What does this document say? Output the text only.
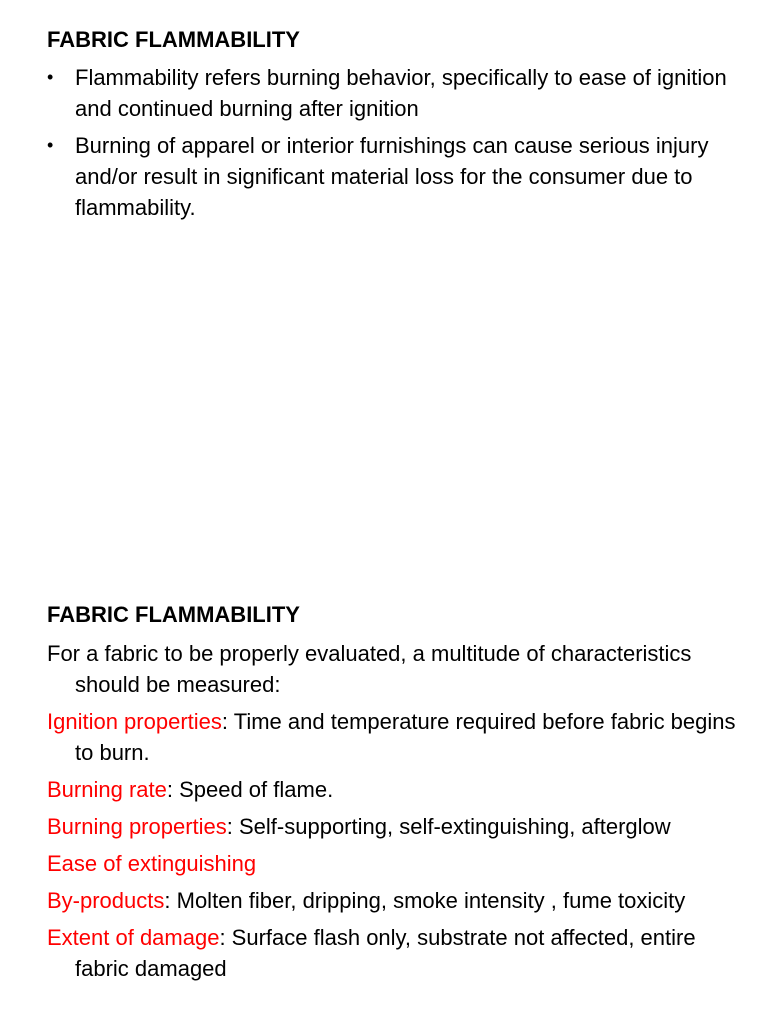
FABRIC FLAMMABILITY
• Flammability refers burning behavior, specifically to ease of ignition and continued burning after ignition
• Burning of apparel or interior furnishings can cause serious injury and/or result in significant material loss for the consumer due to flammability.
FABRIC FLAMMABILITY

For a fabric to be properly evaluated, a multitude of characteristics should be measured:

Ignition properties: Time and temperature required before fabric begins to burn.

Burning rate: Speed of flame.

Burning properties: Self-supporting, self-extinguishing, afterglow

Ease of extinguishing

By-products: Molten fiber, dripping, smoke intensity , fume toxicity

Extent of damage: Surface flash only, substrate not affected, entire fabric damaged
